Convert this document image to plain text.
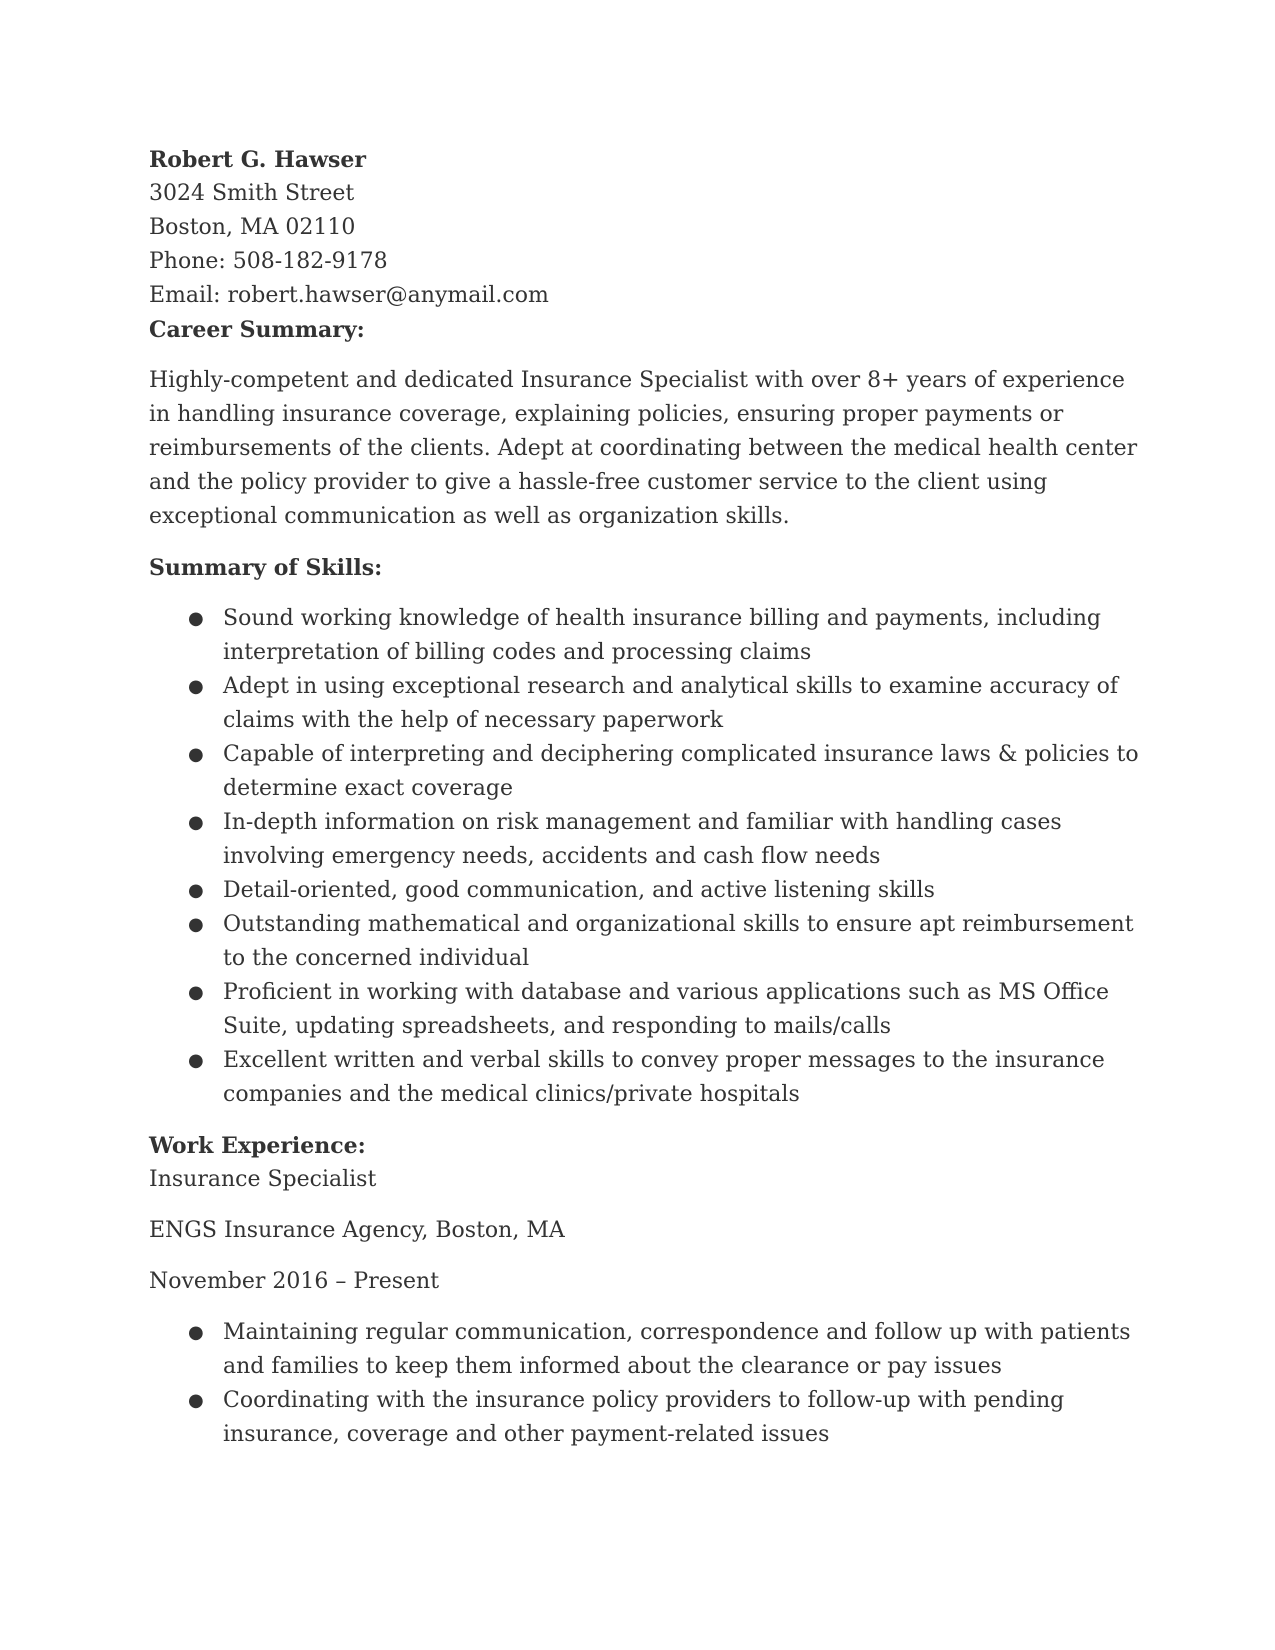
Robert G. Hawser
3024 Smith Street
Boston, MA 02110
Phone: 508-182-9178
Email: robert.hawser@anymail.com
Career Summary:
Highly-competent and dedicated Insurance Specialist with over 8+ years of experience
in handling insurance coverage, explaining policies, ensuring proper payments or
reimbursements of the clients. Adept at coordinating between the medical health center
and the policy provider to give a hassle-free customer service to the client using
exceptional communication as well as organization skills.
Summary of Skills:
● Sound working knowledge of health insurance billing and payments, including
interpretation of billing codes and processing claims
● Adept in using exceptional research and analytical skills to examine accuracy of
claims with the help of necessary paperwork
● Capable of interpreting and deciphering complicated insurance laws & policies to
determine exact coverage
● In-depth information on risk management and familiar with handling cases
involving emergency needs, accidents and cash flow needs
● Detail-oriented, good communication, and active listening skills
● Outstanding mathematical and organizational skills to ensure apt reimbursement
to the concerned individual
● Proficient in working with database and various applications such as MS Office
Suite, updating spreadsheets, and responding to mails/calls
● Excellent written and verbal skills to convey proper messages to the insurance
companies and the medical clinics/private hospitals
Work Experience:
Insurance Specialist
ENGS Insurance Agency, Boston, MA
November 2016 – Present
● Maintaining regular communication, correspondence and follow up with patients
and families to keep them informed about the clearance or pay issues
● Coordinating with the insurance policy providers to follow-up with pending
insurance, coverage and other payment-related issues
